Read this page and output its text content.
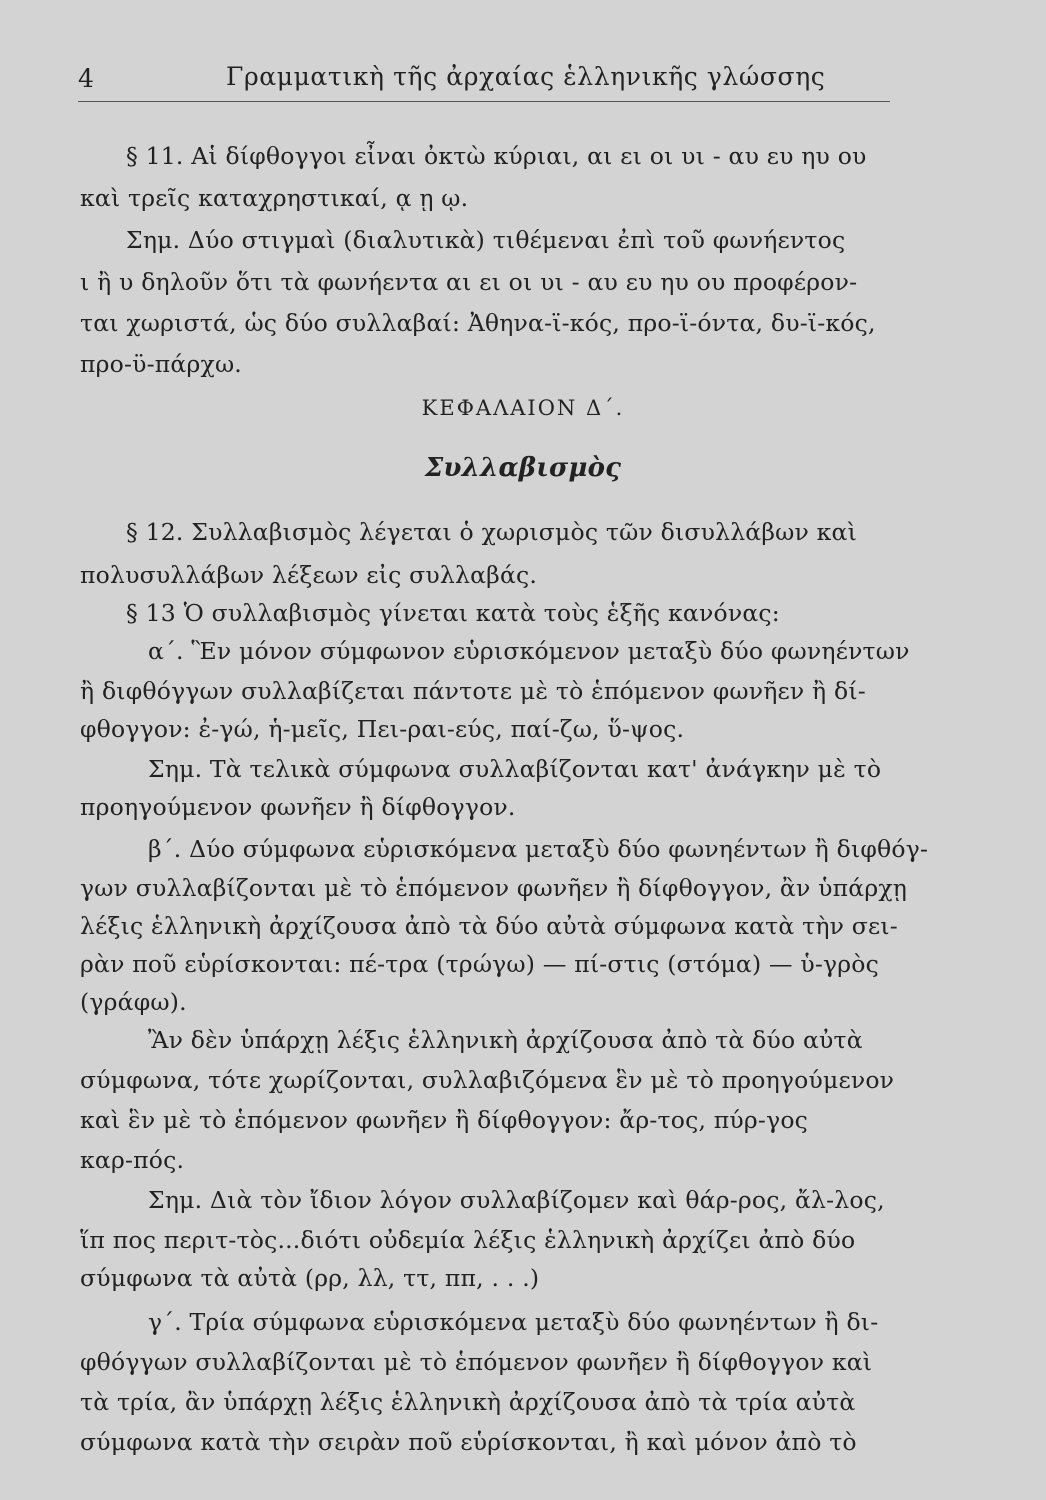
4	Γραμματικὴ τῆς ἀρχαίας ἑλληνικῆς γλώσσης
§ 11. Αἱ δίφθογγοι εἶναι ὀκτὼ κύριαι, αι ει οι υι - αυ ευ ηυ ου
καὶ τρεῖς καταχρηστικαί, ᾳ ῃ ῳ.
Σημ. Δύο στιγμαὶ (διαλυτικὰ) τιθέμεναι ἐπὶ τοῦ φωνήεντος
ι ἢ υ δηλοῦν ὅτι τὰ φωνήεντα αι ει οι υι - αυ ευ ηυ ου προφέρον-
ται χωριστά, ὡς δύο συλλαβαί: Ἀθηνα-ϊ-κός, προ-ϊ-όντα, δυ-ϊ-κός,
προ-ϋ-πάρχω.
ΚΕΦΑΛΑΙΟΝ Δ΄.
Συλλαβισμὸς
§ 12. Συλλαβισμὸς λέγεται ὁ χωρισμὸς τῶν δισυλλάβων καὶ
πολυσυλλάβων λέξεων εἰς συλλαβάς.
§ 13 Ὁ συλλαβισμὸς γίνεται κατὰ τοὺς ἑξῆς κανόνας:
α΄. Ἓν μόνον σύμφωνον εὑρισκόμενον μεταξὺ δύο φωνηέντων
ἢ διφθόγγων συλλαβίζεται πάντοτε μὲ τὸ ἑπόμενον φωνῆεν ἢ δί-
φθογγον: ἐ-γώ, ἡ-μεῖς, Πει-ραι-εύς, παί-ζω, ὕ-ψος.
Σημ. Τὰ τελικὰ σύμφωνα συλλαβίζονται κατ' ἀνάγκην μὲ τὸ
προηγούμενον φωνῆεν ἢ δίφθογγον.
β΄. Δύο σύμφωνα εὑρισκόμενα μεταξὺ δύο φωνηέντων ἢ διφθόγ-
γων συλλαβίζονται μὲ τὸ ἑπόμενον φωνῆεν ἢ δίφθογγον, ἂν ὑπάρχῃ
λέξις ἑλληνικὴ ἀρχίζουσα ἀπὸ τὰ δύο αὐτὰ σύμφωνα κατὰ τὴν σει-
ρὰν ποῦ εὑρίσκονται: πέ-τρα (τρώγω) — πί-στις (στόμα) — ὑ-γρὸς
(γράφω).
Ἂν δὲν ὑπάρχῃ λέξις ἑλληνικὴ ἀρχίζουσα ἀπὸ τὰ δύο αὐτὰ
σύμφωνα, τότε χωρίζονται, συλλαβιζόμενα ἓν μὲ τὸ προηγούμενον
καὶ ἓν μὲ τὸ ἑπόμενον φωνῆεν ἢ δίφθογγον: ἄρ-τος, πύρ-γος
καρ-πός.
Σημ. Διὰ τὸν ἴδιον λόγον συλλαβίζομεν καὶ θάρ-ρος, ἄλ-λος,
ἵπ πος περιτ-τὸς...διότι οὐδεμία λέξις ἑλληνικὴ ἀρχίζει ἀπὸ δύο
σύμφωνα τὰ αὐτὰ (ρρ, λλ, ττ, ππ, . . .)
γ΄. Τρία σύμφωνα εὑρισκόμενα μεταξὺ δύο φωνηέντων ἢ δι-
φθόγγων συλλαβίζονται μὲ τὸ ἑπόμενον φωνῆεν ἢ δίφθογγον καὶ
τὰ τρία, ἂν ὑπάρχῃ λέξις ἑλληνικὴ ἀρχίζουσα ἀπὸ τὰ τρία αὐτὰ
σύμφωνα κατὰ τὴν σειρὰν ποῦ εὑρίσκονται, ἢ καὶ μόνον ἀπὸ τὸ
